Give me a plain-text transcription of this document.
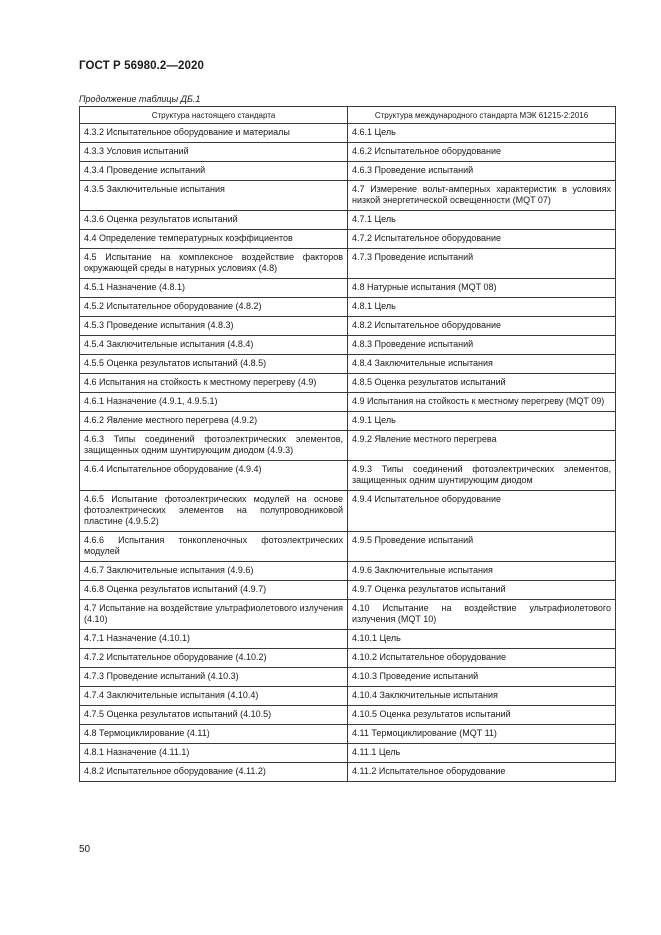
ГОСТ Р 56980.2—2020
Продолжение таблицы ДБ.1
Структура настоящего стандарта	Структура международного стандарта МЭК 61215-2:2016
4.3.2 Испытательное оборудование и материалы	4.6.1 Цель
4.3.3 Условия испытаний	4.6.2 Испытательное оборудование
4.3.4 Проведение испытаний	4.6.3 Проведение испытаний
4.3.5 Заключительные испытания	4.7 Измерение вольт-амперных характеристик в условиях низкой энергетической освещенности (MQT 07)
4.3.6 Оценка результатов испытаний	4.7.1 Цель
4.4 Определение температурных коэффициентов	4.7.2 Испытательное оборудование
4.5 Испытание на комплексное воздействие факторов окружающей среды в натурных условиях (4.8)	4.7.3 Проведение испытаний
4.5.1 Назначение (4.8.1)	4.8 Натурные испытания (MQT 08)
4.5.2 Испытательное оборудование (4.8.2)	4.8.1 Цель
4.5.3 Проведение испытания (4.8.3)	4.8.2 Испытательное оборудование
4.5.4 Заключительные испытания (4.8.4)	4.8.3 Проведение испытаний
4.5.5 Оценка результатов испытаний (4.8.5)	4.8.4 Заключительные испытания
4.6 Испытания на стойкость к местному перегреву (4.9)	4.8.5 Оценка результатов испытаний
4.6.1 Назначение (4.9.1, 4.9.5.1)	4.9 Испытания на стойкость к местному перегреву (MQT 09)
4.6.2 Явление местного перегрева (4.9.2)	4.9.1 Цель
4.6.3 Типы соединений фотоэлектрических элементов, защищенных одним шунтирующим диодом (4.9.3)	4.9.2 Явление местного перегрева
4.6.4 Испытательное оборудование (4.9.4)	4.9.3 Типы соединений фотоэлектрических элементов, защищенных одним шунтирующим диодом
4.6.5 Испытание фотоэлектрических модулей на основе фотоэлектрических элементов на полупроводниковой пластине (4.9.5.2)	4.9.4 Испытательное оборудование
4.6.6 Испытания тонкопленочных фотоэлектрических модулей	4.9.5 Проведение испытаний
4.6.7 Заключительные испытания (4.9.6)	4.9.6 Заключительные испытания
4.6.8 Оценка результатов испытаний (4.9.7)	4.9.7 Оценка результатов испытаний
4.7 Испытание на воздействие ультрафиолетового излучения (4.10)	4.10 Испытание на воздействие ультрафиолетового излучения (MQT 10)
4.7.1 Назначение (4.10.1)	4.10.1 Цель
4.7.2 Испытательное оборудование (4.10.2)	4.10.2 Испытательное оборудование
4.7.3 Проведение испытаний (4.10.3)	4.10.3 Проведение испытаний
4.7.4 Заключительные испытания (4.10.4)	4.10.4 Заключительные испытания
4.7.5 Оценка результатов испытаний (4.10.5)	4.10.5 Оценка результатов испытаний
4.8 Термоциклирование (4.11)	4.11 Термоциклирование (MQT 11)
4.8.1 Назначение (4.11.1)	4.11.1 Цель
4.8.2 Испытательное оборудование (4.11.2)	4.11.2 Испытательное оборудование
50
